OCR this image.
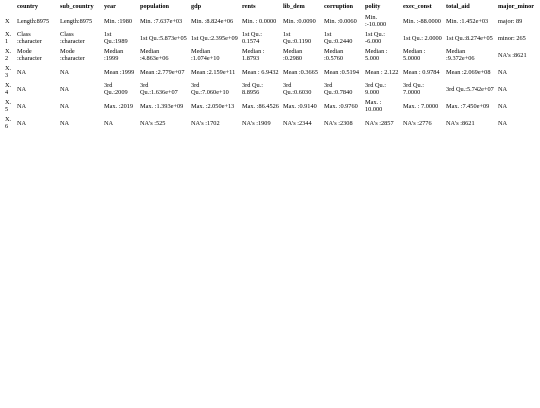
	country	sub_country	year	population	gdp	rents	lib_dem	corruption	polity	exec_const	total_aid	major_minor
X	Length:8975	Length:8975	Min. :1980	Min. :7.637e+03	Min. :8.824e+06	Min. : 0.0000	Min. :0.0090	Min. :0.0060	Min. :-10.000	Min. :-88.0000	Min. :1.452e+03	major: 89
X.1	Class :character	Class :character	1st Qu.:1989	1st Qu.:5.873e+05	1st Qu.:2.395e+09	1st Qu.: 0.1574	1st Qu.:0.1190	1st Qu.:0.2440	1st Qu.: -6.000	1st Qu.: 2.0000	1st Qu.:8.274e+05	minor: 265
X.2	Mode :character	Mode :character	Median :1999	Median :4.863e+06	Median :1.074e+10	Median : 1.8793	Median :0.2980	Median :0.5760	Median : 5.000	Median : 5.0000	Median :9.372e+06	NA's :8621
X.3	NA	NA	Mean :1999	Mean :2.779e+07	Mean :2.159e+11	Mean : 6.9432	Mean :0.3665	Mean :0.5194	Mean : 2.122	Mean : 0.9784	Mean :2.069e+08	NA
X.4	NA	NA	3rd Qu.:2009	3rd Qu.:1.636e+07	3rd Qu.:7.060e+10	3rd Qu.: 8.8956	3rd Qu.:0.6030	3rd Qu.:0.7840	3rd Qu.: 9.000	3rd Qu.: 7.0000	3rd Qu.:5.742e+07	NA
X.5	NA	NA	Max. :2019	Max. :1.393e+09	Max. :2.050e+13	Max. :86.4526	Max. :0.9140	Max. :0.9760	Max. : 10.000	Max. : 7.0000	Max. :7.450e+09	NA
X.6	NA	NA	NA	NA's :525	NA's :1702	NA's :1909	NA's :2344	NA's :2308	NA's :2857	NA's :2776	NA's :8621	NA
